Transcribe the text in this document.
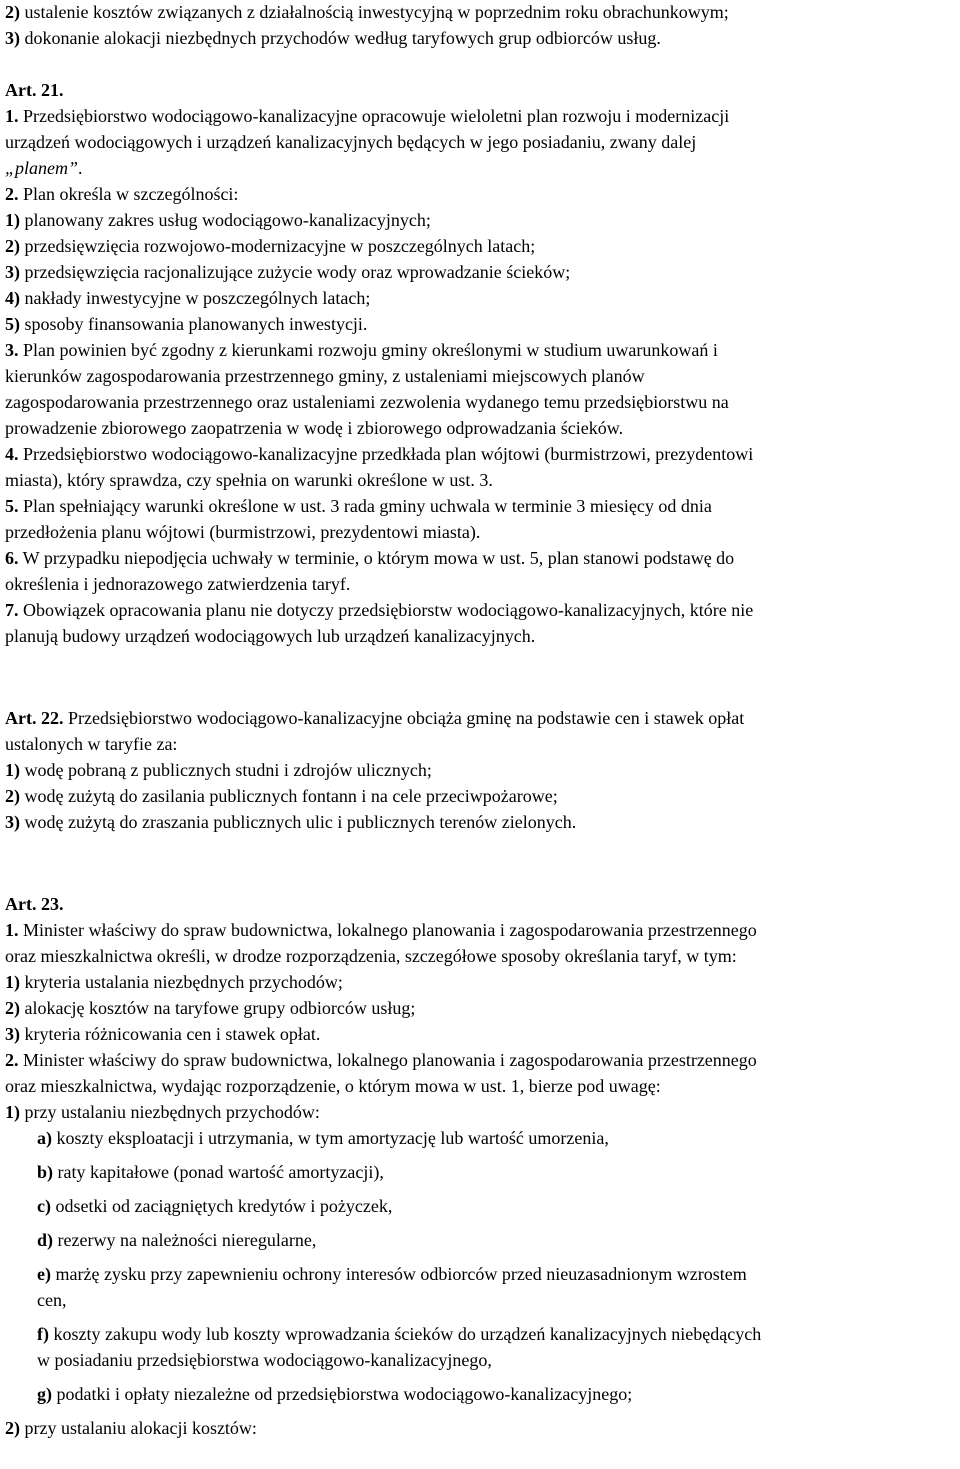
2) ustalenie kosztów związanych z działalnością inwestycyjną w poprzednim roku obrachunkowym;
3) dokonanie alokacji niezbędnych przychodów według taryfowych grup odbiorców usług.
Art. 21.
1. Przedsiębiorstwo wodociągowo-kanalizacyjne opracowuje wieloletni plan rozwoju i modernizacji
urządzeń wodociągowych i urządzeń kanalizacyjnych będących w jego posiadaniu, zwany dalej
„planem”.
2. Plan określa w szczególności:
1) planowany zakres usług wodociągowo-kanalizacyjnych;
2) przedsięwzięcia rozwojowo-modernizacyjne w poszczególnych latach;
3) przedsięwzięcia racjonalizujące zużycie wody oraz wprowadzanie ścieków;
4) nakłady inwestycyjne w poszczególnych latach;
5) sposoby finansowania planowanych inwestycji.
3. Plan powinien być zgodny z kierunkami rozwoju gminy określonymi w studium uwarunkowań i
kierunków zagospodarowania przestrzennego gminy, z ustaleniami miejscowych planów
zagospodarowania przestrzennego oraz ustaleniami zezwolenia wydanego temu przedsiębiorstwu na
prowadzenie zbiorowego zaopatrzenia w wodę i zbiorowego odprowadzania ścieków.
4. Przedsiębiorstwo wodociągowo-kanalizacyjne przedkłada plan wójtowi (burmistrzowi, prezydentowi
miasta), który sprawdza, czy spełnia on warunki określone w ust. 3.
5. Plan spełniający warunki określone w ust. 3 rada gminy uchwala w terminie 3 miesięcy od dnia
przedłożenia planu wójtowi (burmistrzowi, prezydentowi miasta).
6. W przypadku niepodjęcia uchwały w terminie, o którym mowa w ust. 5, plan stanowi podstawę do
określenia i jednorazowego zatwierdzenia taryf.
7. Obowiązek opracowania planu nie dotyczy przedsiębiorstw wodociągowo-kanalizacyjnych, które nie
planują budowy urządzeń wodociągowych lub urządzeń kanalizacyjnych.
Art. 22. Przedsiębiorstwo wodociągowo-kanalizacyjne obciąża gminę na podstawie cen i stawek opłat
ustalonych w taryfie za:
1) wodę pobraną z publicznych studni i zdrojów ulicznych;
2) wodę zużytą do zasilania publicznych fontann i na cele przeciwpożarowe;
3) wodę zużytą do zraszania publicznych ulic i publicznych terenów zielonych.
Art. 23.
1. Minister właściwy do spraw budownictwa, lokalnego planowania i zagospodarowania przestrzennego
oraz mieszkalnictwa określi, w drodze rozporządzenia, szczegółowe sposoby określania taryf, w tym:
1) kryteria ustalania niezbędnych przychodów;
2) alokację kosztów na taryfowe grupy odbiorców usług;
3) kryteria różnicowania cen i stawek opłat.
2. Minister właściwy do spraw budownictwa, lokalnego planowania i zagospodarowania przestrzennego
oraz mieszkalnictwa, wydając rozporządzenie, o którym mowa w ust. 1, bierze pod uwagę:
1) przy ustalaniu niezbędnych przychodów:
a) koszty eksploatacji i utrzymania, w tym amortyzację lub wartość umorzenia,
b) raty kapitałowe (ponad wartość amortyzacji),
c) odsetki od zaciągniętych kredytów i pożyczek,
d) rezerwy na należności nieregularne,
e) marżę zysku przy zapewnieniu ochrony interesów odbiorców przed nieuzasadnionym wzrostem
cen,
f) koszty zakupu wody lub koszty wprowadzania ścieków do urządzeń kanalizacyjnych niebędących
w posiadaniu przedsiębiorstwa wodociągowo-kanalizacyjnego,
g) podatki i opłaty niezależne od przedsiębiorstwa wodociągowo-kanalizacyjnego;
2) przy ustalaniu alokacji kosztów:
